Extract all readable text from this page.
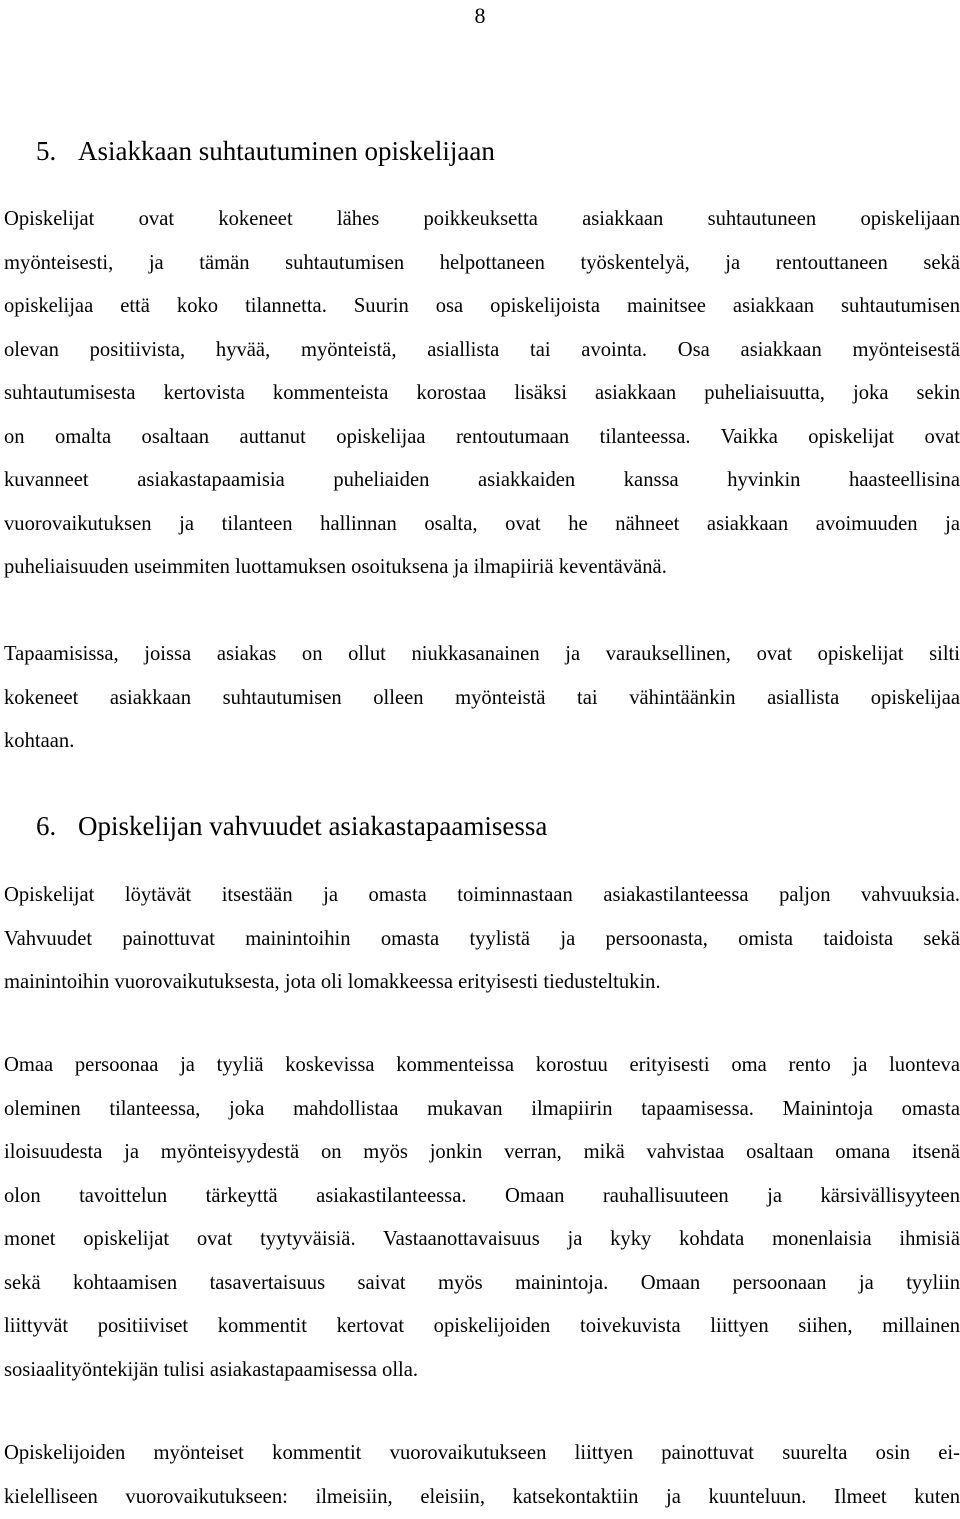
8
5. Asiakkaan suhtautuminen opiskelijaan

Opiskelijat ovat kokeneet lähes poikkeuksetta asiakkaan suhtautuneen opiskelijaan
myönteisesti, ja tämän suhtautumisen helpottaneen työskentelyä, ja rentouttaneen sekä
opiskelijaa että koko tilannetta. Suurin osa opiskelijoista mainitsee asiakkaan suhtautumisen
olevan positiivista, hyvää, myönteistä, asiallista tai avointa. Osa asiakkaan myönteisestä
suhtautumisesta kertovista kommenteista korostaa lisäksi asiakkaan puheliaisuutta, joka sekin
on omalta osaltaan auttanut opiskelijaa rentoutumaan tilanteessa. Vaikka opiskelijat ovat
kuvanneet asiakastapaamisia puheliaiden asiakkaiden kanssa hyvinkin haasteellisina
vuorovaikutuksen ja tilanteen hallinnan osalta, ovat he nähneet asiakkaan avoimuuden ja
puheliaisuuden useimmiten luottamuksen osoituksena ja ilmapiiriä keventävänä.

Tapaamisissa, joissa asiakas on ollut niukkasanainen ja varauksellinen, ovat opiskelijat silti
kokeneet asiakkaan suhtautumisen olleen myönteistä tai vähintäänkin asiallista opiskelijaa
kohtaan.

6. Opiskelijan vahvuudet asiakastapaamisessa

Opiskelijat löytävät itsestään ja omasta toiminnastaan asiakastilanteessa paljon vahvuuksia.
Vahvuudet painottuvat mainintoihin omasta tyylistä ja persoonasta, omista taidoista sekä
mainintoihin vuorovaikutuksesta, jota oli lomakkeessa erityisesti tiedusteltukin.

Omaa persoonaa ja tyyliä koskevissa kommenteissa korostuu erityisesti oma rento ja luonteva
oleminen tilanteessa, joka mahdollistaa mukavan ilmapiirin tapaamisessa. Mainintoja omasta
iloisuudesta ja myönteisyydestä on myös jonkin verran, mikä vahvistaa osaltaan omana itsenä
olon tavoittelun tärkeyttä asiakastilanteessa. Omaan rauhallisuuteen ja kärsivällisyyteen
monet opiskelijat ovat tyytyväisiä. Vastaanottavaisuus ja kyky kohdata monenlaisia ihmisiä
sekä kohtaamisen tasavertaisuus saivat myös mainintoja. Omaan persoonaan ja tyyliin
liittyvät positiiviset kommentit kertovat opiskelijoiden toivekuvista liittyen siihen, millainen
sosiaalityöntekijän tulisi asiakastapaamisessa olla.

Opiskelijoiden myönteiset kommentit vuorovaikutukseen liittyen painottuvat suurelta osin ei-
kielelliseen vuorovaikutukseen: ilmeisiin, eleisiin, katsekontaktiin ja kuunteluun. Ilmeet kuten
